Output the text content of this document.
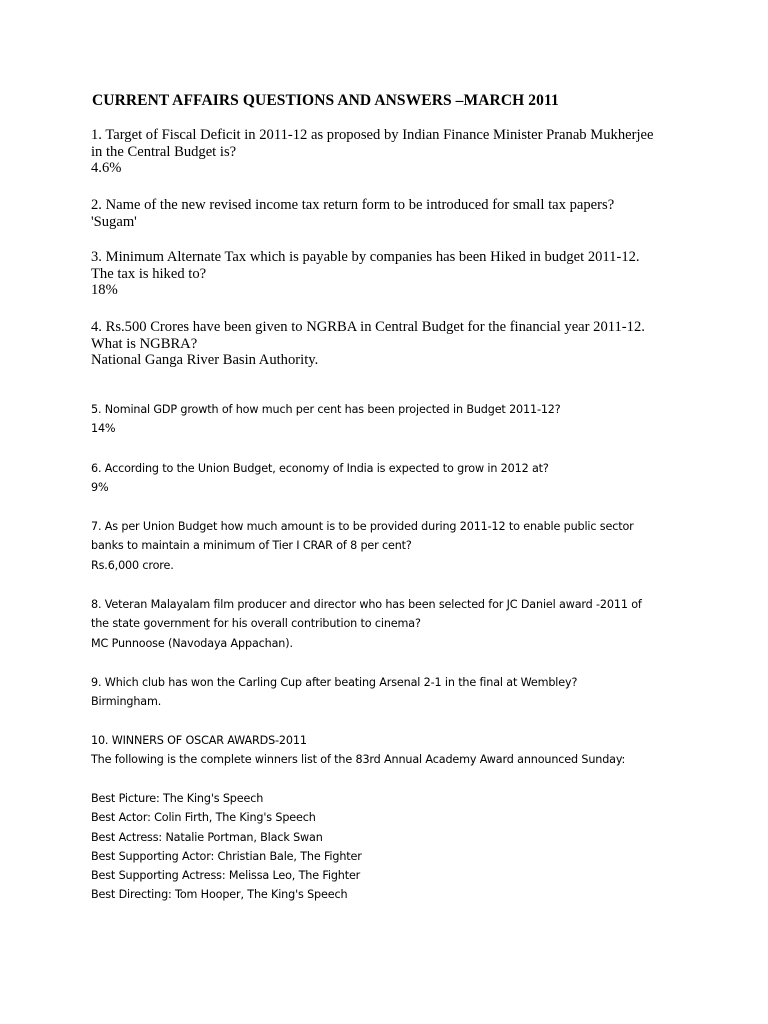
CURRENT AFFAIRS QUESTIONS AND ANSWERS –MARCH 2011
1. Target of Fiscal Deficit in 2011-12 as proposed by Indian Finance Minister Pranab Mukherjee
in the Central Budget is?
4.6%
2. Name of the new revised income tax return form to be introduced for small tax papers?
'Sugam'
3. Minimum Alternate Tax which is payable by companies has been Hiked in budget 2011-12.
The tax is hiked to?
18%
4. Rs.500 Crores have been given to NGRBA in Central Budget for the financial year 2011-12.
What is NGBRA?
National Ganga River Basin Authority.
5. Nominal GDP growth of how much per cent has been projected in Budget 2011-12?
14%
6. According to the Union Budget, economy of India is expected to grow in 2012 at?
9%
7. As per Union Budget how much amount is to be provided during 2011-12 to enable public sector
banks to maintain a minimum of Tier I CRAR of 8 per cent?
Rs.6,000 crore.
8. Veteran Malayalam film producer and director who has been selected for JC Daniel award -2011 of
the state government for his overall contribution to cinema?
MC Punnoose (Navodaya Appachan).
9. Which club has won the Carling Cup after beating Arsenal 2-1 in the final at Wembley?
Birmingham.
10. WINNERS OF OSCAR AWARDS-2011
The following is the complete winners list of the 83rd Annual Academy Award announced Sunday:
Best Picture: The King's Speech
Best Actor: Colin Firth, The King's Speech
Best Actress: Natalie Portman, Black Swan
Best Supporting Actor: Christian Bale, The Fighter
Best Supporting Actress: Melissa Leo, The Fighter
Best Directing: Tom Hooper, The King's Speech
